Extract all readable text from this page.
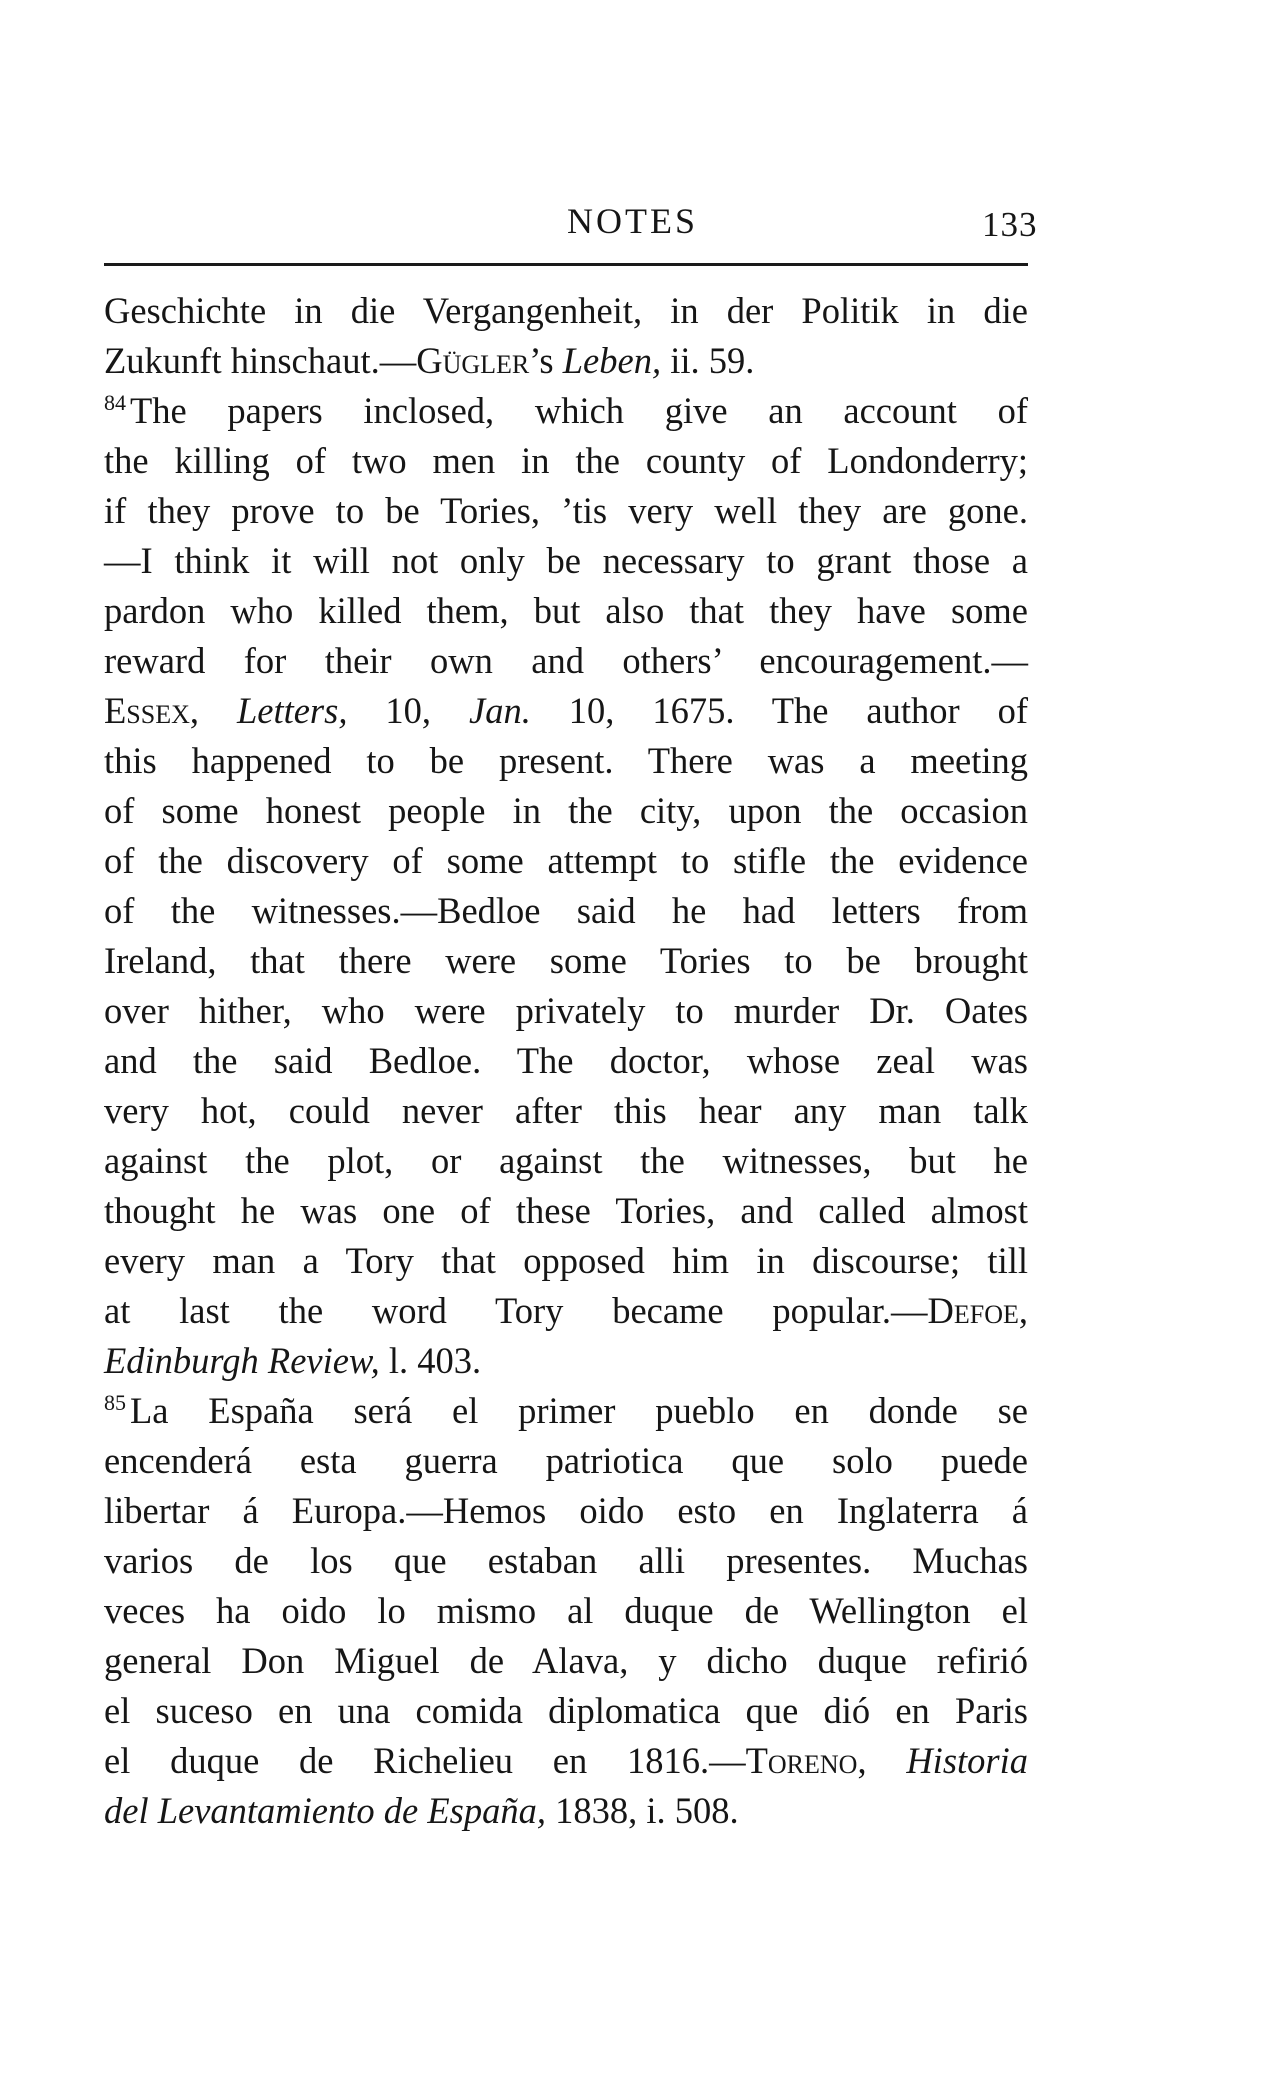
NOTES	133
Geschichte in die Vergangenheit, in der Politik in die
Zukunft hinschaut.—Gügler’s Leben, ii. 59.
$^{84}$ The papers inclosed, which give an account of
the killing of two men in the county of Londonderry;
if they prove to be Tories, ’tis very well they are gone.
—I think it will not only be necessary to grant those a
pardon who killed them, but also that they have some
reward for their own and others’ encouragement.—
Essex, Letters, 10, Jan. 10, 1675. The author of
this happened to be present. There was a meeting
of some honest people in the city, upon the occasion
of the discovery of some attempt to stifle the evidence
of the witnesses.—Bedloe said he had letters from
Ireland, that there were some Tories to be brought
over hither, who were privately to murder Dr. Oates
and the said Bedloe. The doctor, whose zeal was
very hot, could never after this hear any man talk
against the plot, or against the witnesses, but he
thought he was one of these Tories, and called almost
every man a Tory that opposed him in discourse; till
at last the word Tory became popular.—Defoe,
Edinburgh Review, l. 403.
$^{85}$ La España será el primer pueblo en donde se
encenderá esta guerra patriotica que solo puede
libertar á Europa.—Hemos oido esto en Inglaterra á
varios de los que estaban alli presentes. Muchas
veces ha oido lo mismo al duque de Wellington el
general Don Miguel de Alava, y dicho duque refirió
el suceso en una comida diplomatica que dió en Paris
el duque de Richelieu en 1816.—Toreno, Historia
del Levantamiento de España, 1838, i. 508.
